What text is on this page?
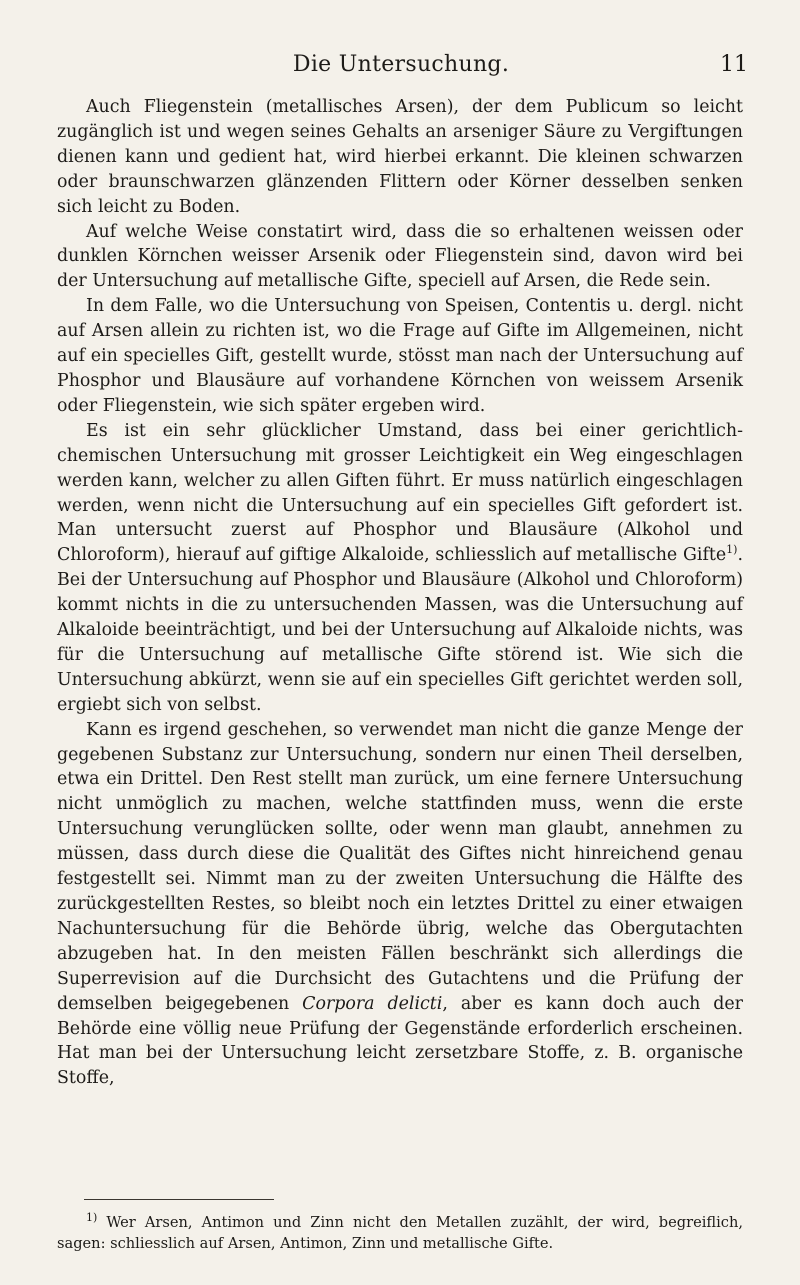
Die Untersuchung.	11

Auch Fliegenstein (metallisches Arsen), der dem Publicum so leicht zugänglich ist und wegen seines Gehalts an arseniger Säure zu Vergiftungen dienen kann und gedient hat, wird hierbei erkannt. Die kleinen schwarzen oder braunschwarzen glänzenden Flittern oder Körner desselben senken sich leicht zu Boden.

Auf welche Weise constatirt wird, dass die so erhaltenen weissen oder dunklen Körnchen weisser Arsenik oder Fliegenstein sind, davon wird bei der Untersuchung auf metallische Gifte, speciell auf Arsen, die Rede sein.

In dem Falle, wo die Untersuchung von Speisen, Contentis u. dergl. nicht auf Arsen allein zu richten ist, wo die Frage auf Gifte im Allgemeinen, nicht auf ein specielles Gift, gestellt wurde, stösst man nach der Untersuchung auf Phosphor und Blausäure auf vorhandene Körnchen von weissem Arsenik oder Fliegenstein, wie sich später ergeben wird.

Es ist ein sehr glücklicher Umstand, dass bei einer gerichtlich-chemischen Untersuchung mit grosser Leichtigkeit ein Weg eingeschlagen werden kann, welcher zu allen Giften führt. Er muss natürlich eingeschlagen werden, wenn nicht die Untersuchung auf ein specielles Gift gefordert ist. Man untersucht zuerst auf Phosphor und Blausäure (Alkohol und Chloroform), hierauf auf giftige Alkaloide, schliesslich auf metallische Gifte$^{1)}$. Bei der Untersuchung auf Phosphor und Blausäure (Alkohol und Chloroform) kommt nichts in die zu untersuchenden Massen, was die Untersuchung auf Alkaloide beeinträchtigt, und bei der Untersuchung auf Alkaloide nichts, was für die Untersuchung auf metallische Gifte störend ist. Wie sich die Untersuchung abkürzt, wenn sie auf ein specielles Gift gerichtet werden soll, ergiebt sich von selbst.

Kann es irgend geschehen, so verwendet man nicht die ganze Menge der gegebenen Substanz zur Untersuchung, sondern nur einen Theil derselben, etwa ein Drittel. Den Rest stellt man zurück, um eine fernere Untersuchung nicht unmöglich zu machen, welche stattfinden muss, wenn die erste Untersuchung verunglücken sollte, oder wenn man glaubt, annehmen zu müssen, dass durch diese die Qualität des Giftes nicht hinreichend genau festgestellt sei. Nimmt man zu der zweiten Untersuchung die Hälfte des zurückgestellten Restes, so bleibt noch ein letztes Drittel zu einer etwaigen Nachuntersuchung für die Behörde übrig, welche das Obergutachten abzugeben hat. In den meisten Fällen beschränkt sich allerdings die Superrevision auf die Durchsicht des Gutachtens und die Prüfung der demselben beigegebenen Corpora delicti, aber es kann doch auch der Behörde eine völlig neue Prüfung der Gegenstände erforderlich erscheinen. Hat man bei der Untersuchung leicht zersetzbare Stoffe, z. B. organische Stoffe,

$^{1)}$ Wer Arsen, Antimon und Zinn nicht den Metallen zuzählt, der wird, begreiflich, sagen: schliesslich auf Arsen, Antimon, Zinn und metallische Gifte.
